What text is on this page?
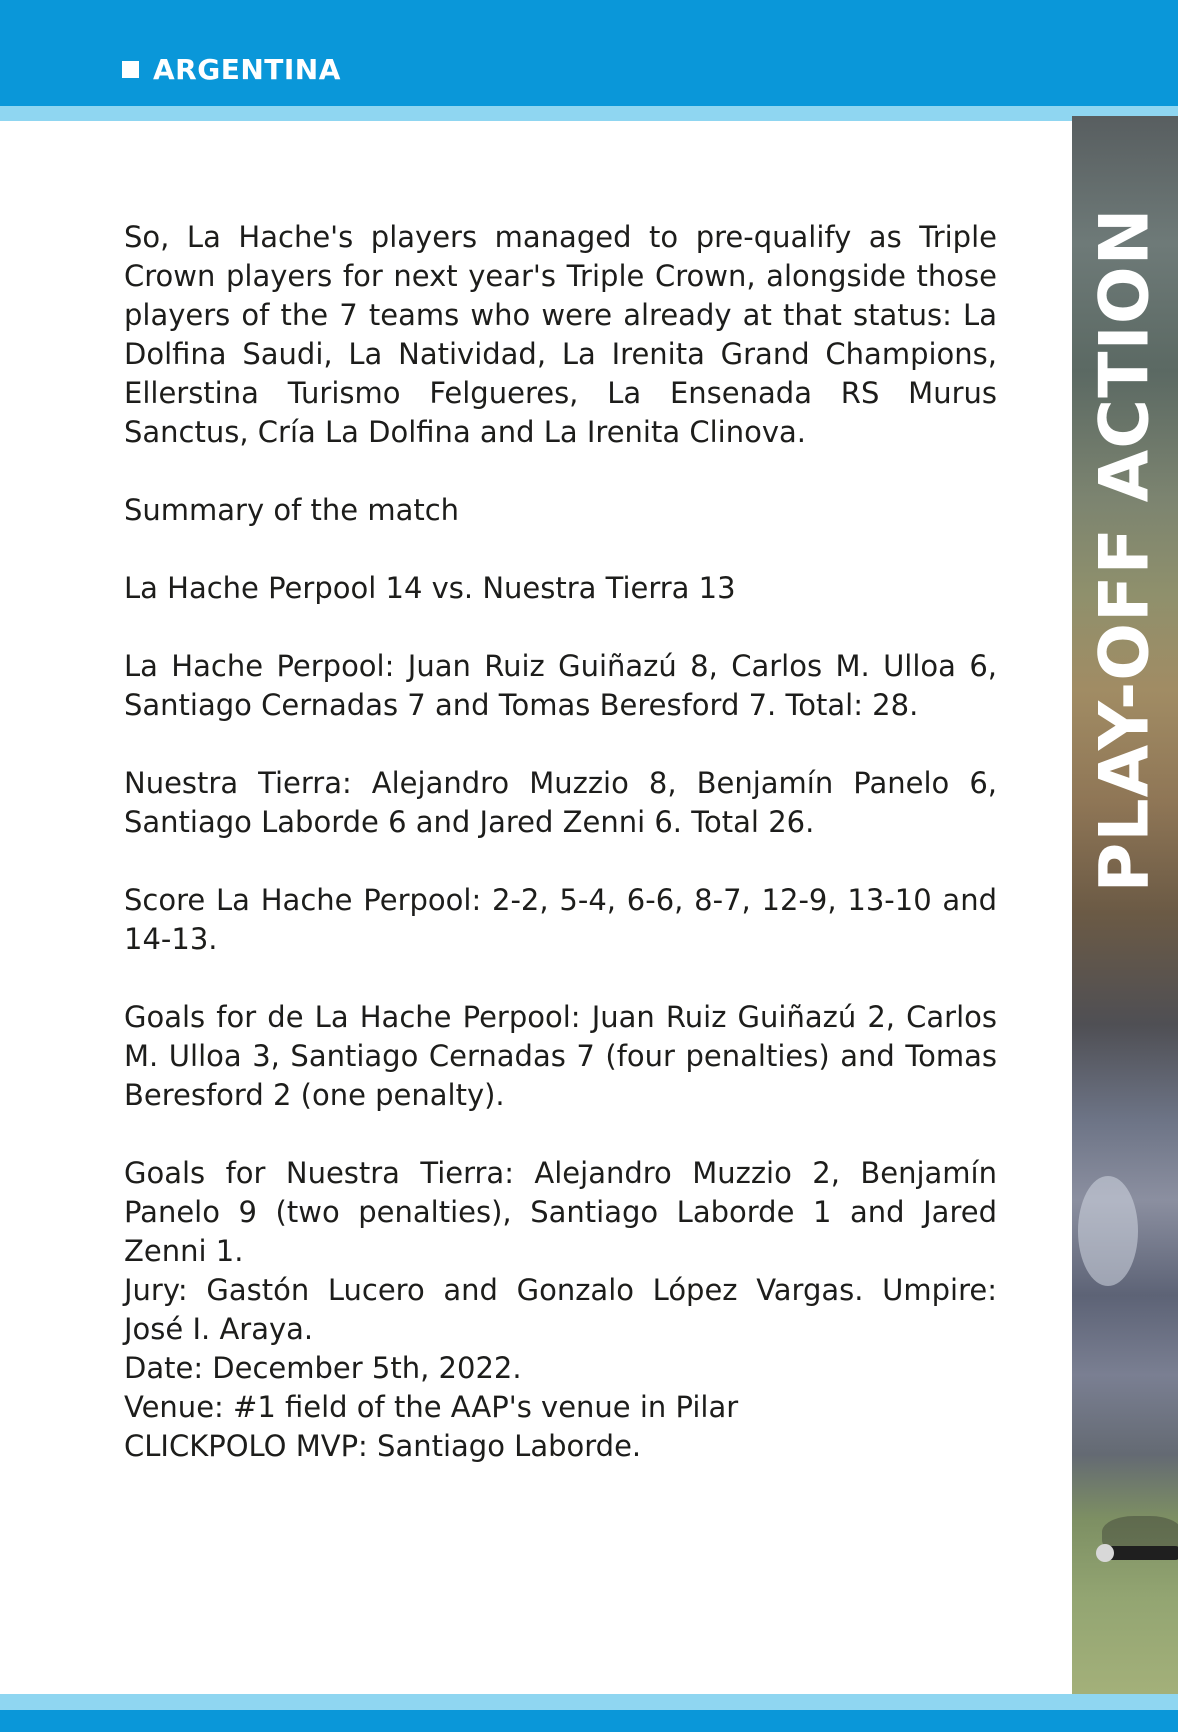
ARGENTINA
PLAY-OFF ACTION

So, La Hache's players managed to pre-qualify as Triple Crown players for next year's Triple Crown, alongside those players of the 7 teams who were already at that status: La Dolfina Saudi, La Natividad, La Irenita Grand Champions, Ellerstina Turismo Felgueres, La Ensenada RS Murus Sanctus, Cría La Dolfina and La Irenita Clinova.

Summary of the match

La Hache Perpool 14 vs. Nuestra Tierra 13

La Hache Perpool: Juan Ruiz Guiñazú 8, Carlos M. Ulloa 6, Santiago Cernadas 7 and Tomas Beresford 7. Total: 28.

Nuestra Tierra: Alejandro Muzzio 8, Benjamín Panelo 6, Santiago Laborde 6 and Jared Zenni 6. Total 26.

Score La Hache Perpool: 2-2, 5-4, 6-6, 8-7, 12-9, 13-10 and 14-13.

Goals for de La Hache Perpool: Juan Ruiz Guiñazú 2, Carlos M. Ulloa 3, Santiago Cernadas 7 (four penalties) and Tomas Beresford 2 (one penalty).

Goals for Nuestra Tierra: Alejandro Muzzio 2, Benjamín Panelo 9 (two penalties), Santiago Laborde 1 and Jared Zenni 1.

Jury: Gastón Lucero and Gonzalo López Vargas. Umpire: José I. Araya.

Date: December 5th, 2022.

Venue: #1 field of the AAP's venue in Pilar

CLICKPOLO MVP: Santiago Laborde.
